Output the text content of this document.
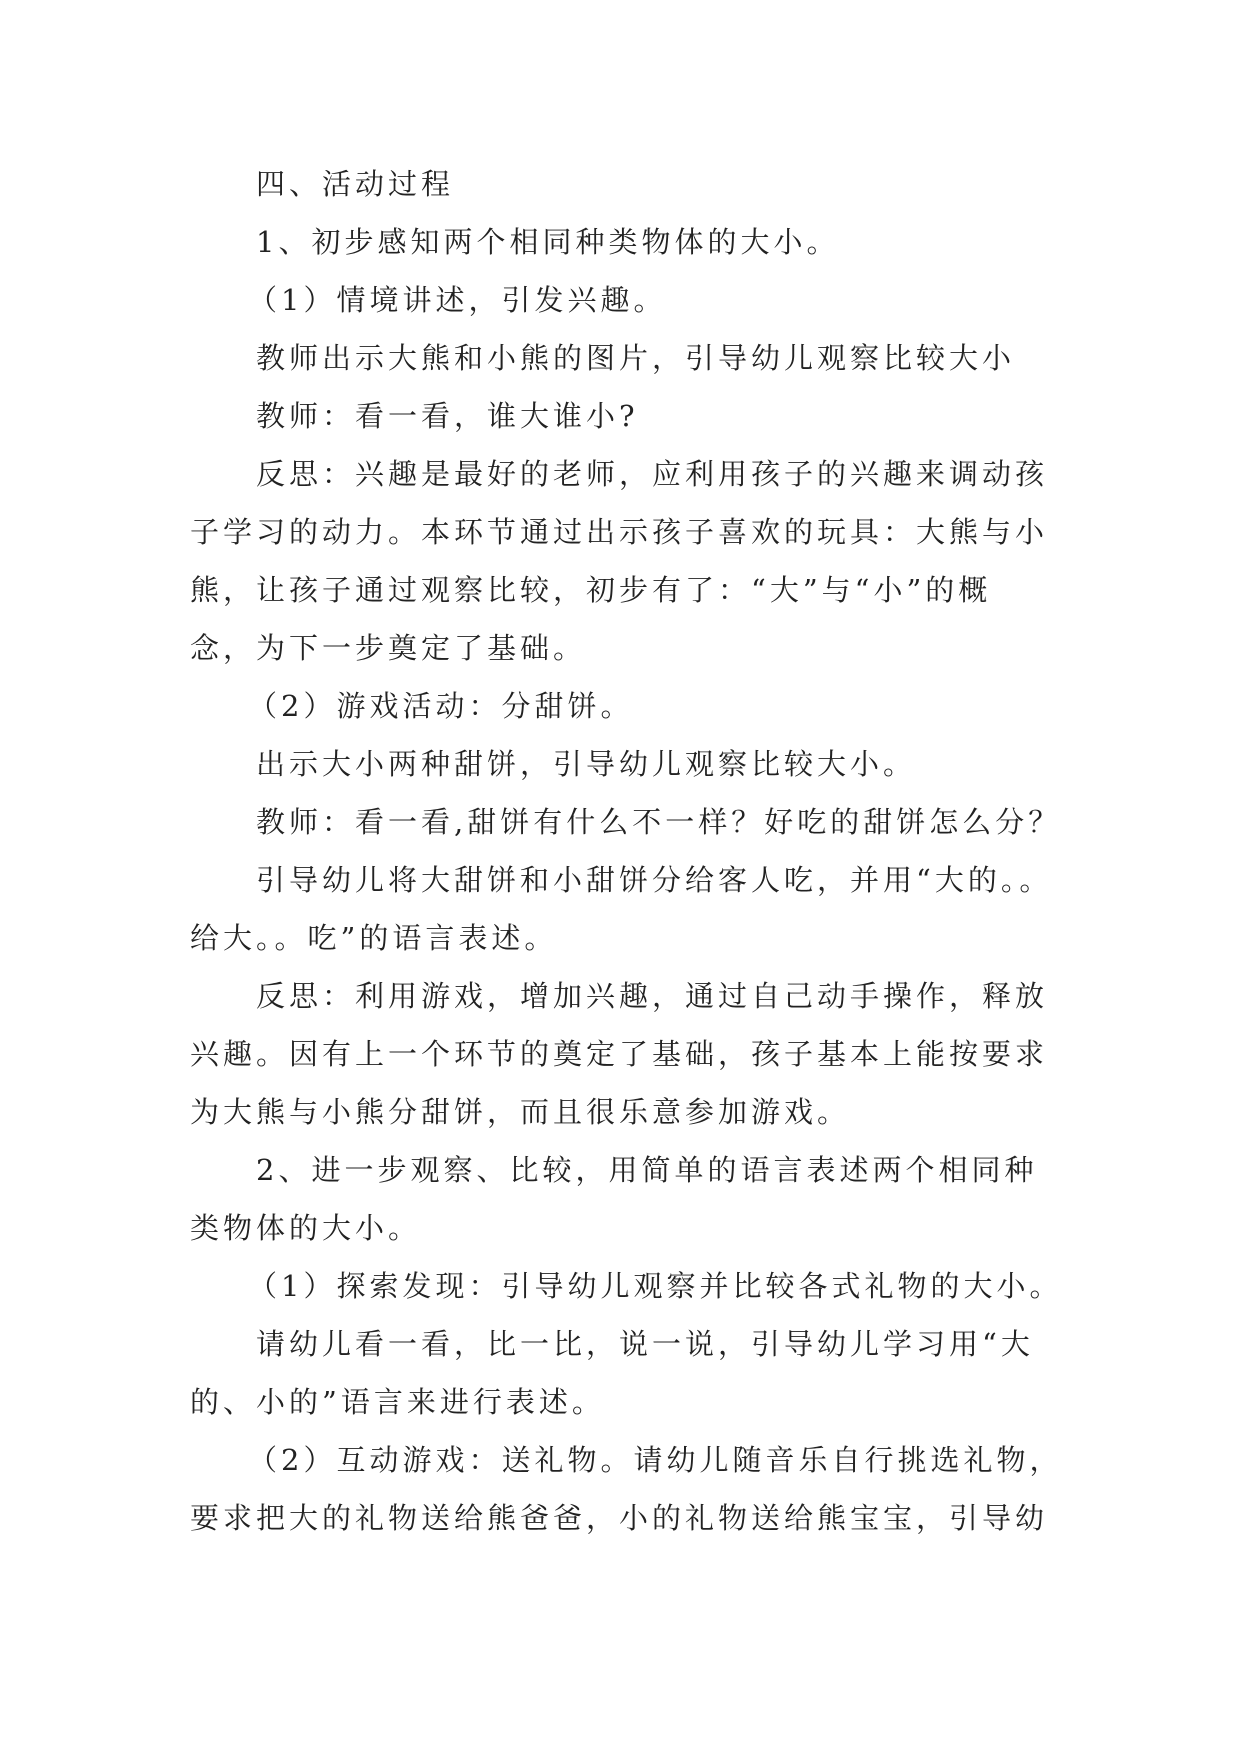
四、活动过程
1、初步感知两个相同种类物体的大小。
（1）情境讲述，引发兴趣。
教师出示大熊和小熊的图片，引导幼儿观察比较大小
教师：看一看，谁大谁小?
反思：兴趣是最好的老师，应利用孩子的兴趣来调动孩
子学习的动力。本环节通过出示孩子喜欢的玩具：大熊与小
熊，让孩子通过观察比较，初步有了：“大”与“小”的概
念，为下一步奠定了基础。
（2）游戏活动：分甜饼。
出示大小两种甜饼，引导幼儿观察比较大小。
教师：看一看,甜饼有什么不一样？好吃的甜饼怎么分？
引导幼儿将大甜饼和小甜饼分给客人吃，并用“大的。。
给大。。吃”的语言表述。
反思：利用游戏，增加兴趣，通过自己动手操作，释放
兴趣。因有上一个环节的奠定了基础，孩子基本上能按要求
为大熊与小熊分甜饼，而且很乐意参加游戏。
2、进一步观察、比较，用简单的语言表述两个相同种
类物体的大小。
（1）探索发现：引导幼儿观察并比较各式礼物的大小。
请幼儿看一看，比一比，说一说，引导幼儿学习用“大
的、小的”语言来进行表述。
（2）互动游戏：送礼物。请幼儿随音乐自行挑选礼物，
要求把大的礼物送给熊爸爸，小的礼物送给熊宝宝，引导幼
